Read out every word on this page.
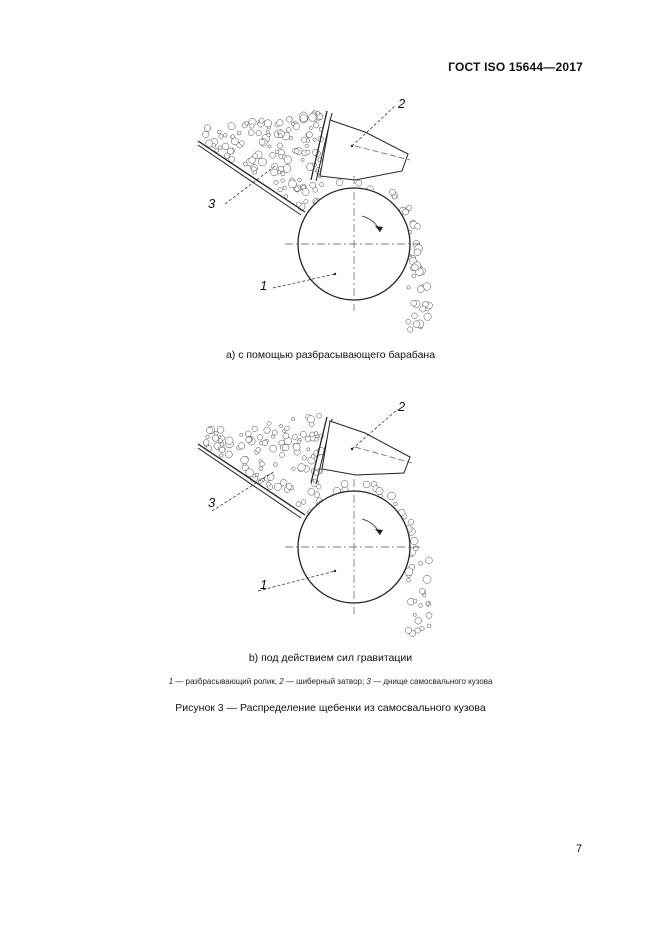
ГОСТ ISO 15644—2017
1
2
3
а) с помощью разбрасывающего барабана
1
2
3
b) под действием сил гравитации
1 — разбрасывающий ролик, 2 — шиберный затвор; 3 — днище самосвального кузова
Рисунок 3 — Распределение щебенки из самосвального кузова
7
